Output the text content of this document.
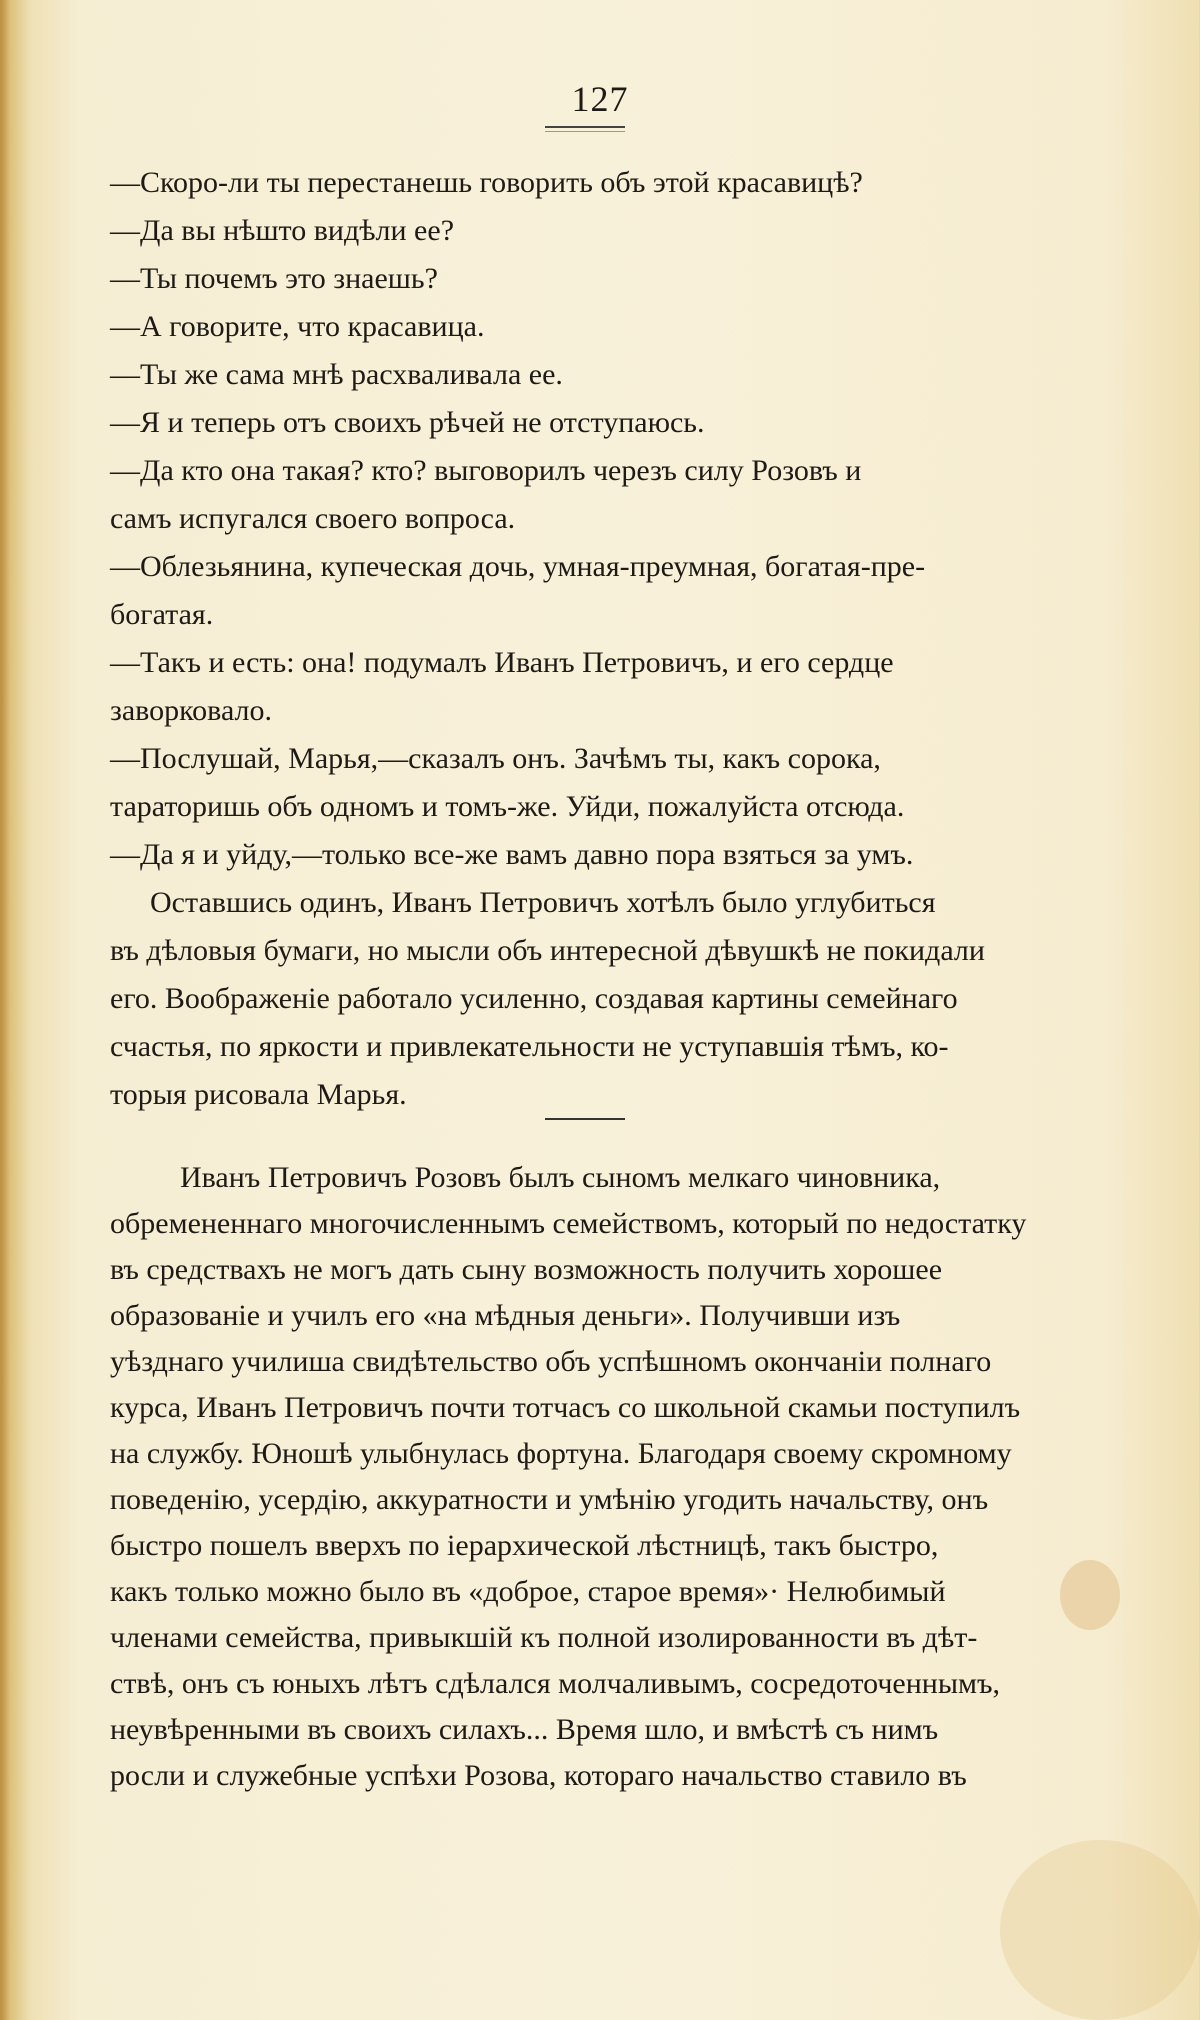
127
—Скоро-ли ты перестанешь говорить объ этой красавицѣ?
—Да вы нѣшто видѣли ее?
—Ты почемъ это знаешь?
—А говорите, что красавица.
—Ты же сама мнѣ расхваливала ее.
—Я и теперь отъ своихъ рѣчей не отступаюсь.
—Да кто она такая? кто? выговорилъ черезъ силу Розовъ и
самъ испугался своего вопроса.
—Облезьянина, купеческая дочь, умная-преумная, богатая-пре-
богатая.
—Такъ и есть: она! подумалъ Иванъ Петровичъ, и его сердце
заворковало.
—Послушай, Марья,—сказалъ онъ. Зачѣмъ ты, какъ сорока,
тараторишь объ одномъ и томъ-же. Уйди, пожалуйста отсюда.
—Да я и уйду,—только все-же вамъ давно пора взяться за умъ.
Оставшись одинъ, Иванъ Петровичъ хотѣлъ было углубиться
въ дѣловыя бумаги, но мысли объ интересной дѣвушкѣ не покидали
его. Воображеніе работало усиленно, создавая картины семейнаго
счастья, по яркости и привлекательности не уступавшія тѣмъ, ко-
торыя рисовала Марья.
Иванъ Петровичъ Розовъ былъ сыномъ мелкаго чиновника,
обремененнаго многочисленнымъ семействомъ, который по недостатку
въ средствахъ не могъ дать сыну возможность получить хорошее
образованіе и училъ его «на мѣдныя деньги». Получивши изъ
уѣзднаго училиша свидѣтельство объ успѣшномъ окончаніи полнаго
курса, Иванъ Петровичъ почти тотчасъ со школьной скамьи поступилъ
на службу. Юношѣ улыбнулась фортуна. Благодаря своему скромному
поведенію, усердію, аккуратности и умѣнію угодить начальству, онъ
быстро пошелъ вверхъ по іерархической лѣстницѣ, такъ быстро,
какъ только можно было въ «доброе, старое время»· Нелюбимый
членами семейства, привыкшій къ полной изолированности въ дѣт-
ствѣ, онъ съ юныхъ лѣтъ сдѣлался молчаливымъ, сосредоточеннымъ,
неувѣренными въ своихъ силахъ... Время шло, и вмѣстѣ съ нимъ
росли и служебные успѣхи Розова, котораго начальство ставило въ
